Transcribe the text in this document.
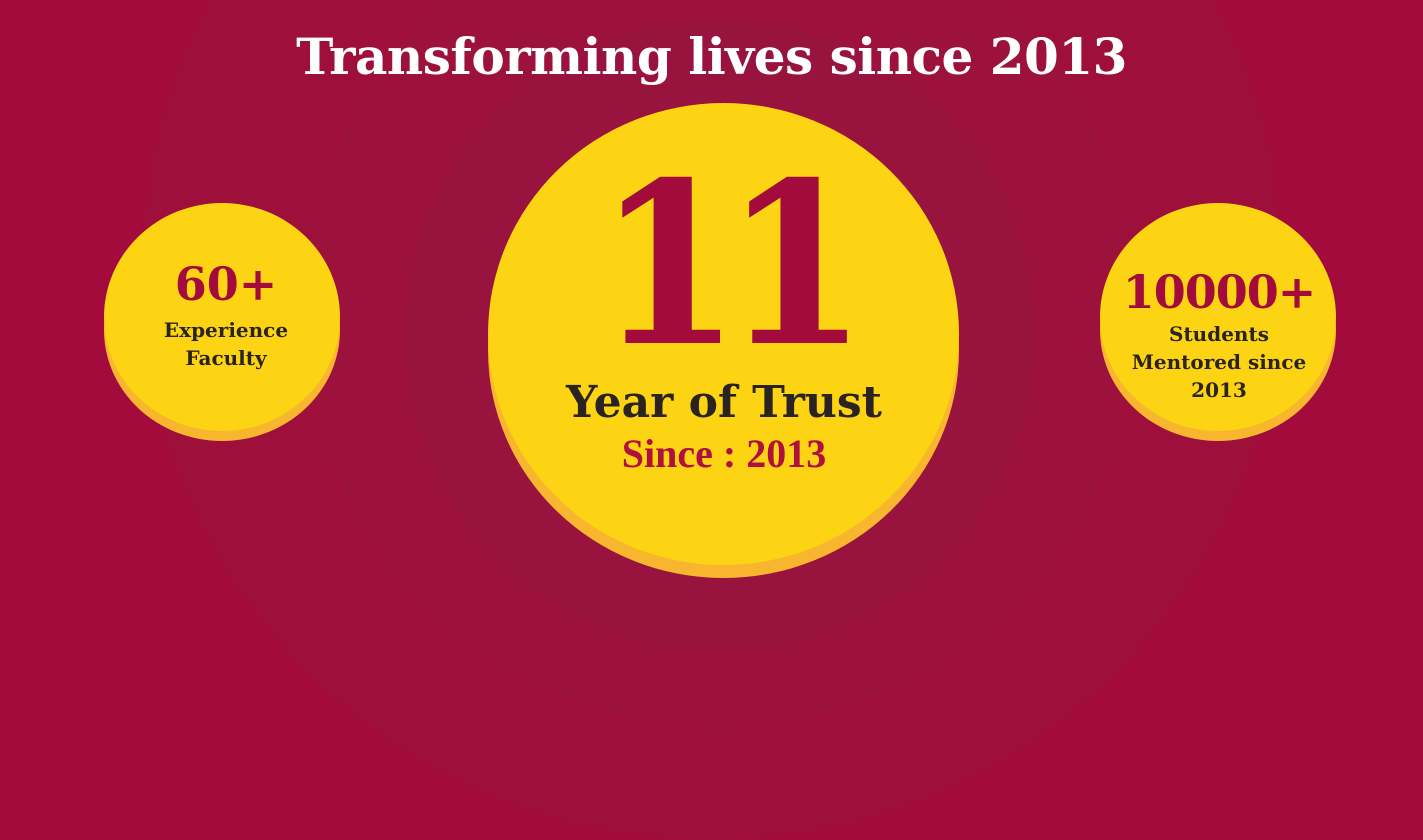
Transforming lives since 2013

60+

Experience

Faculty	11

Year of Trust

Since : 2013

10000+

Students

Mentored since

2013
